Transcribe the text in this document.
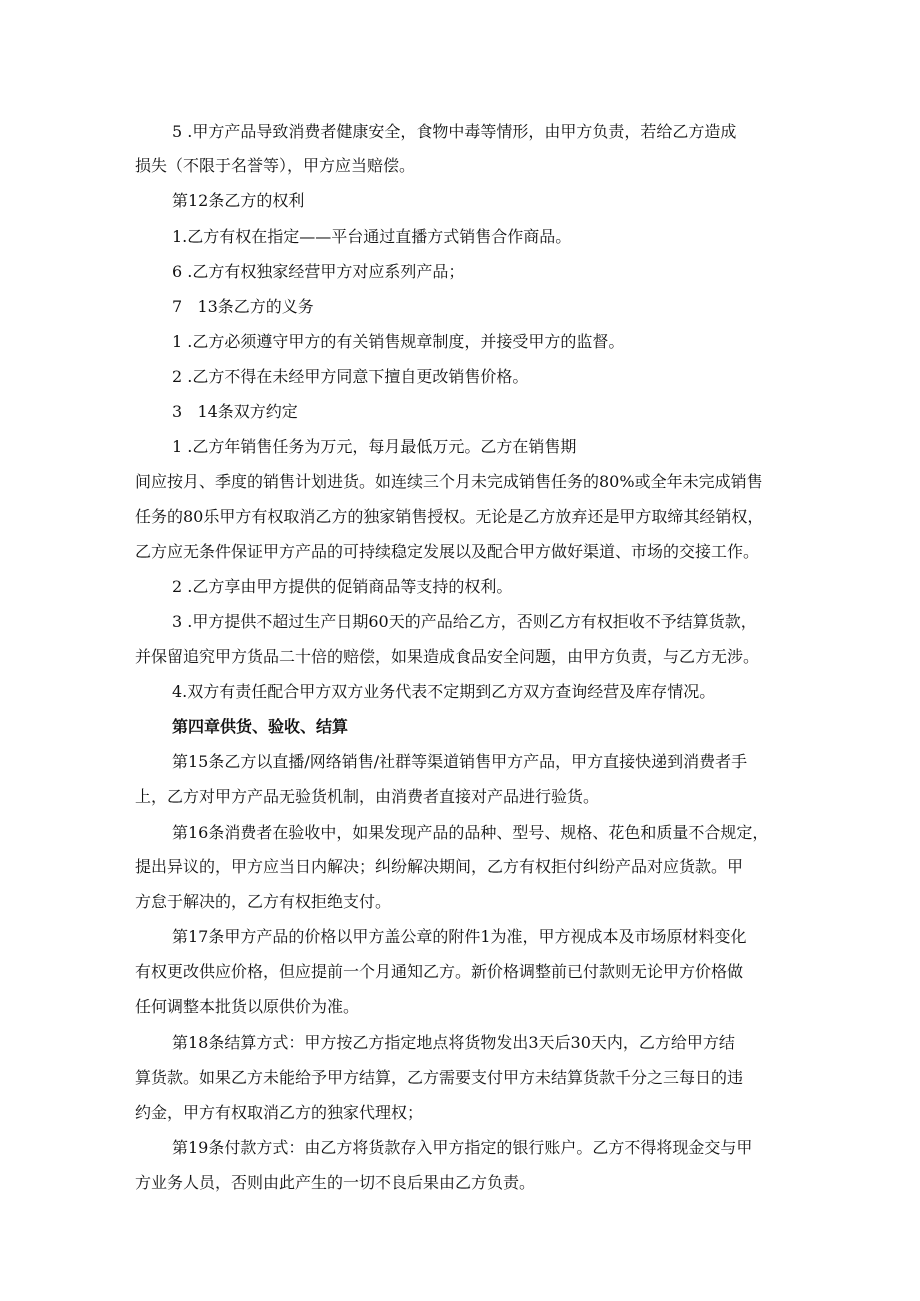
5 .甲方产品导致消费者健康安全，食物中毒等情形，由甲方负责，若给乙方造成
损失（不限于名誉等），甲方应当赔偿。
第12条乙方的权利
1.乙方有权在指定——平台通过直播方式销售合作商品。
6 .乙方有权独家经营甲方对应系列产品；
7   13条乙方的义务
1 .乙方必须遵守甲方的有关销售规章制度，并接受甲方的监督。
2 .乙方不得在未经甲方同意下擅自更改销售价格。
3   14条双方约定
1 .乙方年销售任务为万元，每月最低万元。乙方在销售期
间应按月、季度的销售计划进货。如连续三个月未完成销售任务的80%或全年未完成销售
任务的80乐甲方有权取消乙方的独家销售授权。无论是乙方放弃还是甲方取缔其经销权，
乙方应无条件保证甲方产品的可持续稳定发展以及配合甲方做好渠道、市场的交接工作。
2 .乙方享由甲方提供的促销商品等支持的权利。
3 .甲方提供不超过生产日期60天的产品给乙方，否则乙方有权拒收不予结算货款，
并保留追究甲方货品二十倍的赔偿，如果造成食品安全问题，由甲方负责，与乙方无涉。
4.双方有责任配合甲方双方业务代表不定期到乙方双方查询经营及库存情况。
第四章供货、验收、结算
第15条乙方以直播/网络销售/社群等渠道销售甲方产品，甲方直接快递到消费者手
上，乙方对甲方产品无验货机制，由消费者直接对产品进行验货。
第16条消费者在验收中，如果发现产品的品种、型号、规格、花色和质量不合规定，
提出异议的，甲方应当日内解决；纠纷解决期间，乙方有权拒付纠纷产品对应货款。甲
方怠于解决的，乙方有权拒绝支付。
第17条甲方产品的价格以甲方盖公章的附件1为准，甲方视成本及市场原材料变化
有权更改供应价格，但应提前一个月通知乙方。新价格调整前已付款则无论甲方价格做
任何调整本批货以原供价为准。
第18条结算方式：甲方按乙方指定地点将货物发出3天后30天内，乙方给甲方结
算货款。如果乙方未能给予甲方结算，乙方需要支付甲方未结算货款千分之三每日的违
约金，甲方有权取消乙方的独家代理权；
第19条付款方式：由乙方将货款存入甲方指定的银行账户。乙方不得将现金交与甲
方业务人员，否则由此产生的一切不良后果由乙方负责。
